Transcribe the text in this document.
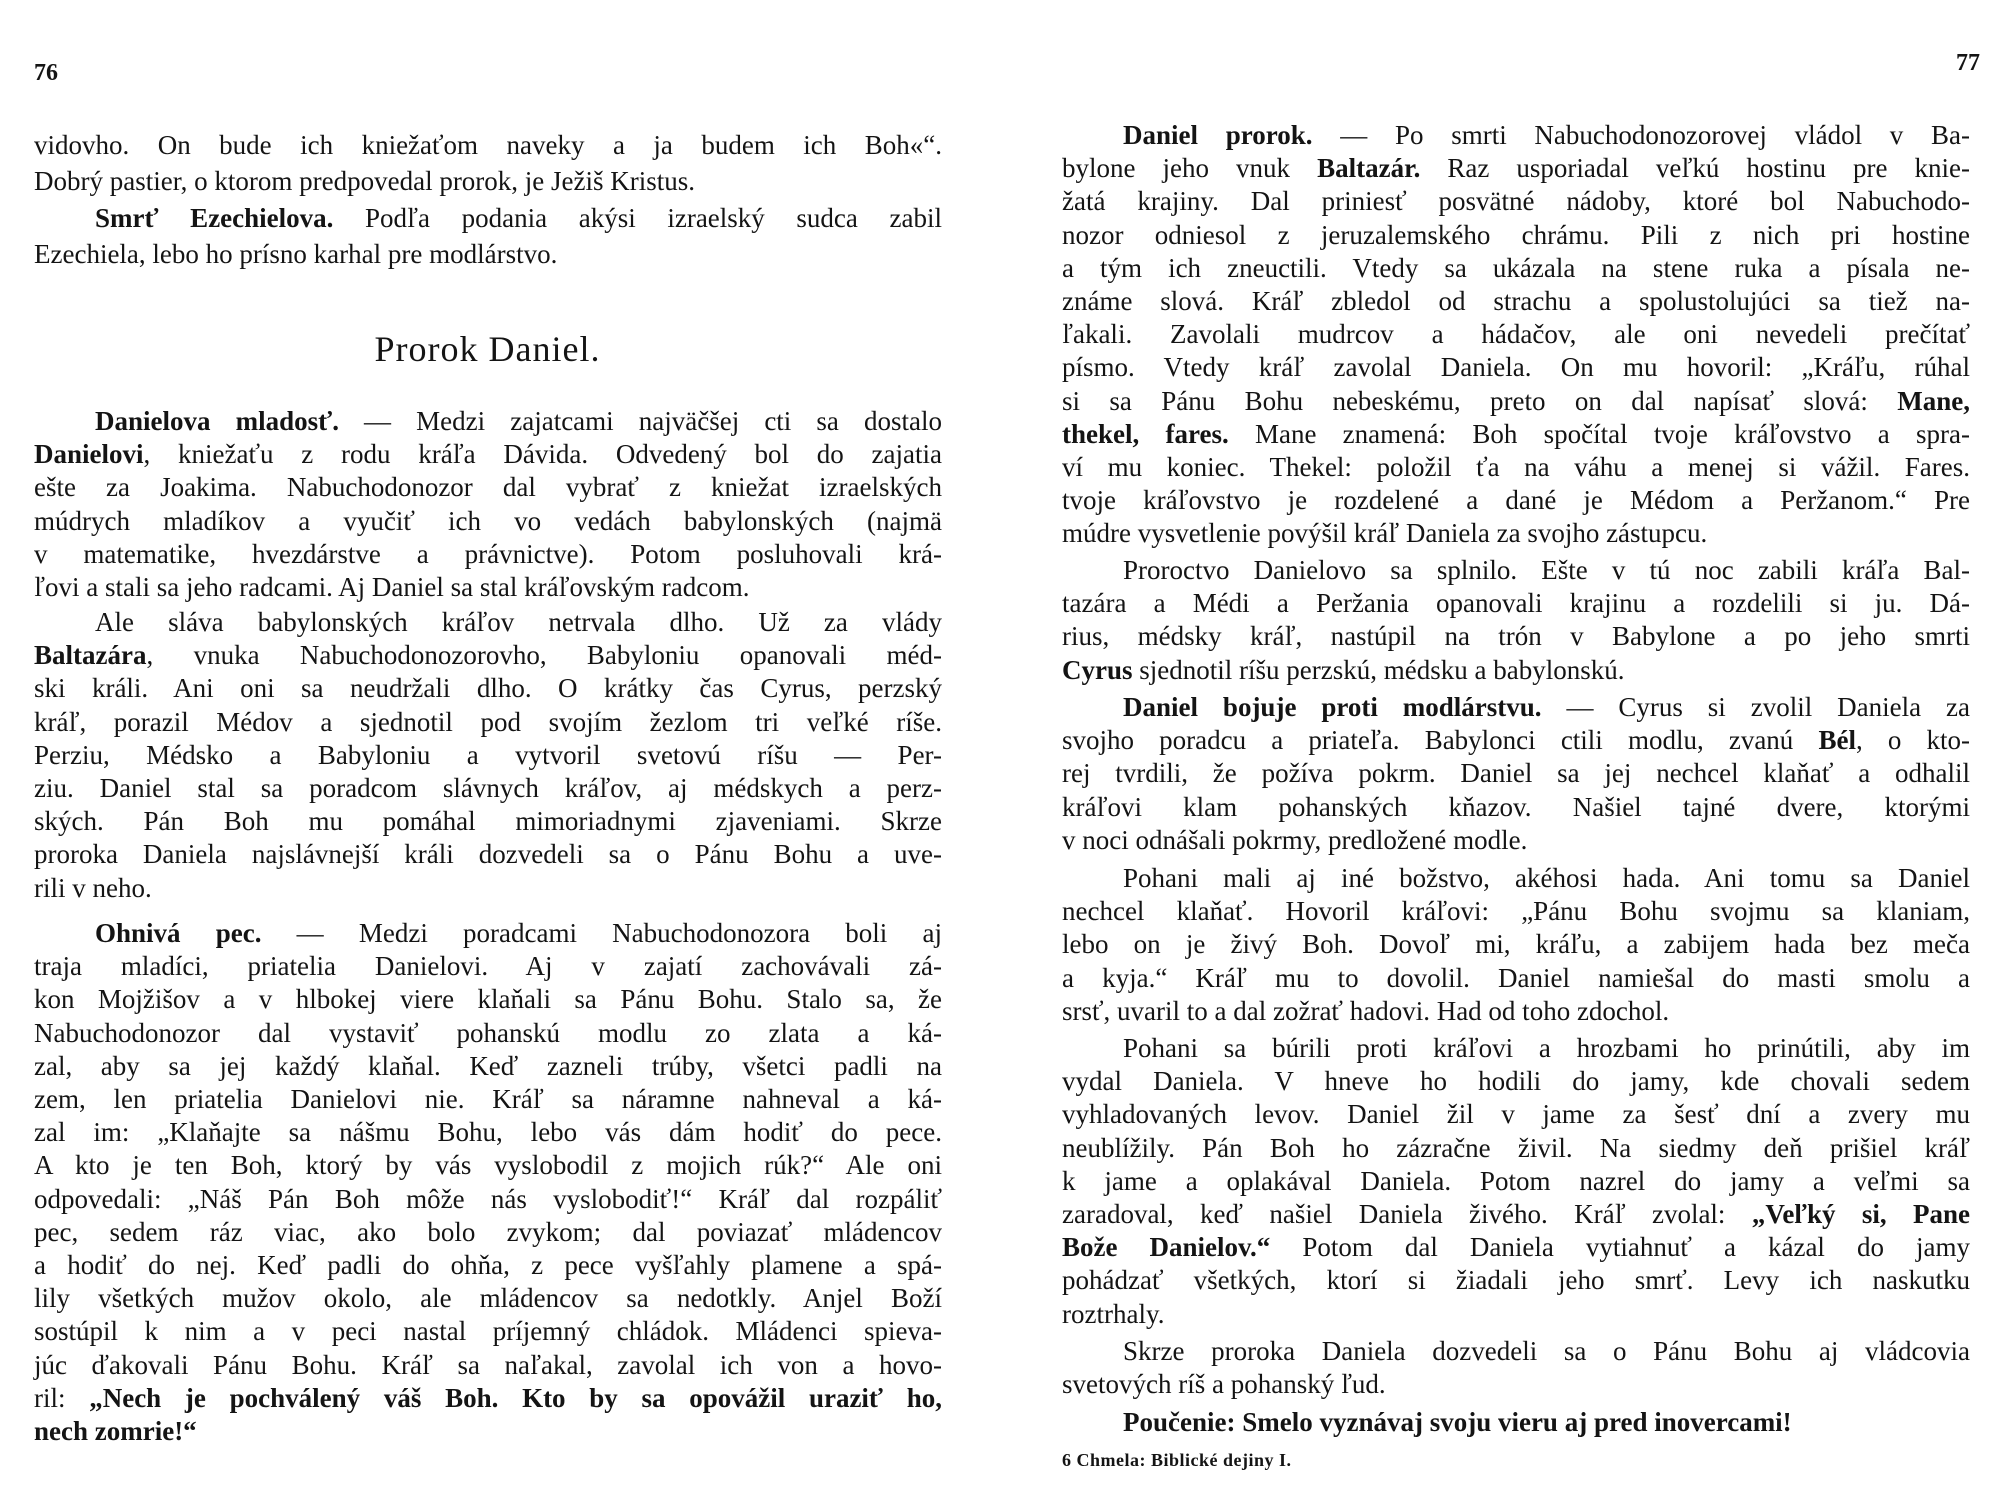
76
Prorok Daniel.
vidovho. On bude ich kniežaťom naveky a ja budem ich Boh«“.
Dobrý pastier, o ktorom predpovedal prorok, je Ježiš Kristus.
Smrť Ezechielova. Podľa podania akýsi izraelský sudca zabil
Ezechiela, lebo ho prísno karhal pre modlárstvo.
Danielova mladosť. — Medzi zajatcami najväčšej cti sa dostalo
Danielovi, kniežaťu z rodu kráľa Dávida. Odvedený bol do zajatia
ešte za Joakima. Nabuchodonozor dal vybrať z kniežat izraelských
múdrych mladíkov a vyučiť ich vo vedách babylonských (najmä
v matematike, hvezdárstve a právnictve). Potom posluhovali krá-
ľovi a stali sa jeho radcami. Aj Daniel sa stal kráľovským radcom.
Ale sláva babylonských kráľov netrvala dlho. Už za vlády
Baltazára, vnuka Nabuchodonozorovho, Babyloniu opanovali méd-
ski králi. Ani oni sa neudržali dlho. O krátky čas Cyrus, perzský
kráľ, porazil Médov a sjednotil pod svojím žezlom tri veľké ríše.
Perziu, Médsko a Babyloniu a vytvoril svetovú ríšu — Per-
ziu. Daniel stal sa poradcom slávnych kráľov, aj médskych a perz-
ských. Pán Boh mu pomáhal mimoriadnymi zjaveniami. Skrze
proroka Daniela najslávnejší králi dozvedeli sa o Pánu Bohu a uve-
rili v neho.
Ohnivá pec. — Medzi poradcami Nabuchodonozora boli aj
traja mladíci, priatelia Danielovi. Aj v zajatí zachovávali zá-
kon Mojžišov a v hlbokej viere klaňali sa Pánu Bohu. Stalo sa, že
Nabuchodonozor dal vystaviť pohanskú modlu zo zlata a ká-
zal, aby sa jej každý klaňal. Keď zazneli trúby, všetci padli na
zem, len priatelia Danielovi nie. Kráľ sa náramne nahneval a ká-
zal im: „Klaňajte sa nášmu Bohu, lebo vás dám hodiť do pece.
A kto je ten Boh, ktorý by vás vyslobodil z mojich rúk?“ Ale oni
odpovedali: „Náš Pán Boh môže nás vyslobodiť!“ Kráľ dal rozpáliť
pec, sedem ráz viac, ako bolo zvykom; dal poviazať mládencov
a hodiť do nej. Keď padli do ohňa, z pece vyšľahly plamene a spá-
lily všetkých mužov okolo, ale mládencov sa nedotkly. Anjel Boží
sostúpil k nim a v peci nastal príjemný chládok. Mládenci spieva-
júc ďakovali Pánu Bohu. Kráľ sa naľakal, zavolal ich von a hovo-
ril: „Nech je pochválený váš Boh. Kto by sa opovážil uraziť ho,
nech zomrie!“
77
Daniel prorok. — Po smrti Nabuchodonozorovej vládol v Ba-
bylone jeho vnuk Baltazár. Raz usporiadal veľkú hostinu pre knie-
žatá krajiny. Dal priniesť posvätné nádoby, ktoré bol Nabuchodo-
nozor odniesol z jeruzalemského chrámu. Pili z nich pri hostine
a tým ich zneuctili. Vtedy sa ukázala na stene ruka a písala ne-
známe slová. Kráľ zbledol od strachu a spolustolujúci sa tiež na-
ľakali. Zavolali mudrcov a hádačov, ale oni nevedeli prečítať
písmo. Vtedy kráľ zavolal Daniela. On mu hovoril: „Kráľu, rúhal
si sa Pánu Bohu nebeskému, preto on dal napísať slová: Mane,
thekel, fares. Mane znamená: Boh spočítal tvoje kráľovstvo a spra-
ví mu koniec. Thekel: položil ťa na váhu a menej si vážil. Fares.
tvoje kráľovstvo je rozdelené a dané je Médom a Peržanom.“ Pre
múdre vysvetlenie povýšil kráľ Daniela za svojho zástupcu.
Proroctvo Danielovo sa splnilo. Ešte v tú noc zabili kráľa Bal-
tazára a Médi a Peržania opanovali krajinu a rozdelili si ju. Dá-
rius, médsky kráľ, nastúpil na trón v Babylone a po jeho smrti
Cyrus sjednotil ríšu perzskú, médsku a babylonskú.
Daniel bojuje proti modlárstvu. — Cyrus si zvolil Daniela za
svojho poradcu a priateľa. Babylonci ctili modlu, zvanú Bél, o kto-
rej tvrdili, že požíva pokrm. Daniel sa jej nechcel klaňať a odhalil
kráľovi klam pohanských kňazov. Našiel tajné dvere, ktorými
v noci odnášali pokrmy, predložené modle.
Pohani mali aj iné božstvo, akéhosi hada. Ani tomu sa Daniel
nechcel klaňať. Hovoril kráľovi: „Pánu Bohu svojmu sa klaniam,
lebo on je živý Boh. Dovoľ mi, kráľu, a zabijem hada bez meča
a kyja.“ Kráľ mu to dovolil. Daniel namiešal do masti smolu a
srsť, uvaril to a dal zožrať hadovi. Had od toho zdochol.
Pohani sa búrili proti kráľovi a hrozbami ho prinútili, aby im
vydal Daniela. V hneve ho hodili do jamy, kde chovali sedem
vyhladovaných levov. Daniel žil v jame za šesť dní a zvery mu
neublížily. Pán Boh ho zázračne živil. Na siedmy deň prišiel kráľ
k jame a oplakával Daniela. Potom nazrel do jamy a veľmi sa
zaradoval, keď našiel Daniela živého. Kráľ zvolal: „Veľký si, Pane
Bože Danielov.“ Potom dal Daniela vytiahnuť a kázal do jamy
pohádzať všetkých, ktorí si žiadali jeho smrť. Levy ich naskutku
roztrhaly.
Skrze proroka Daniela dozvedeli sa o Pánu Bohu aj vládcovia
svetových ríš a pohanský ľud.
Poučenie: Smelo vyznávaj svoju vieru aj pred inovercami!
6 Chmela: Biblické dejiny I.
